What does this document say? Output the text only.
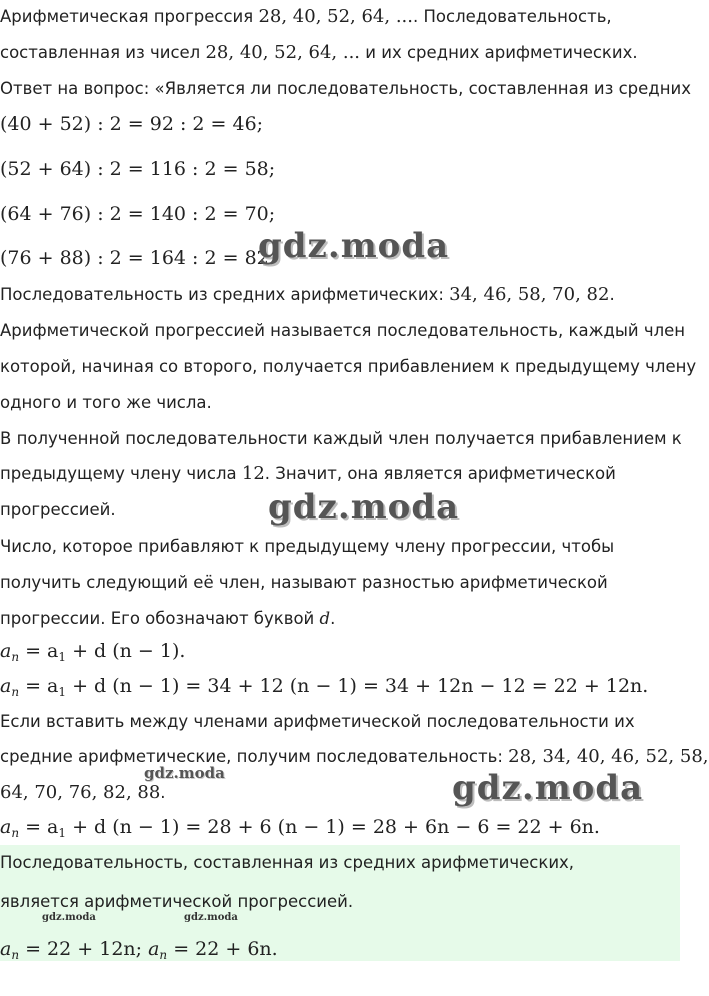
Арифметическая прогрессия 28, 40, 52, 64, .... Последовательность,
составленная из чисел 28, 40, 52, 64, ... и их средних арифметических.
Ответ на вопрос: «Является ли последовательность, составленная из средних
(40 + 52) : 2 = 92 : 2 = 46;
(52 + 64) : 2 = 116 : 2 = 58;
(64 + 76) : 2 = 140 : 2 = 70;
(76 + 88) : 2 = 164 : 2 = 82.
Последовательность из средних арифметических: 34, 46, 58, 70, 82.
Арифметической прогрессией называется последовательность, каждый член
которой, начиная со второго, получается прибавлением к предыдущему члену
одного и того же числа.
В полученной последовательности каждый член получается прибавлением к
предыдущему члену числа 12. Значит, она является арифметической
прогрессией.
Число, которое прибавляют к предыдущему члену прогрессии, чтобы
получить следующий её член, называют разностью арифметической
прогрессии. Его обозначают буквой d.
$a_n = a_1 + d$ (n − 1).
$a_n = a_1 + d$ (n − 1) = 34 + 12 (n − 1) = 34 + 12n − 12 = 22 + 12n.
Если вставить между членами арифметической последовательности их
средние арифметические, получим последовательность: 28, 34, 40, 46, 52, 58,
64, 70, 76, 82, 88.
$a_n = a_1 + d$ (n − 1) = 28 + 6 (n − 1) = 28 + 6n − 6 = 22 + 6n.
Последовательность, составленная из средних арифметических,
является арифметической прогрессией.
$a_n = 22 + 12n$; $a_n = 22 + 6n$.
gdz.moda
gdz.moda
gdz.moda
gdz.moda
gdz.moda	gdz.moda
